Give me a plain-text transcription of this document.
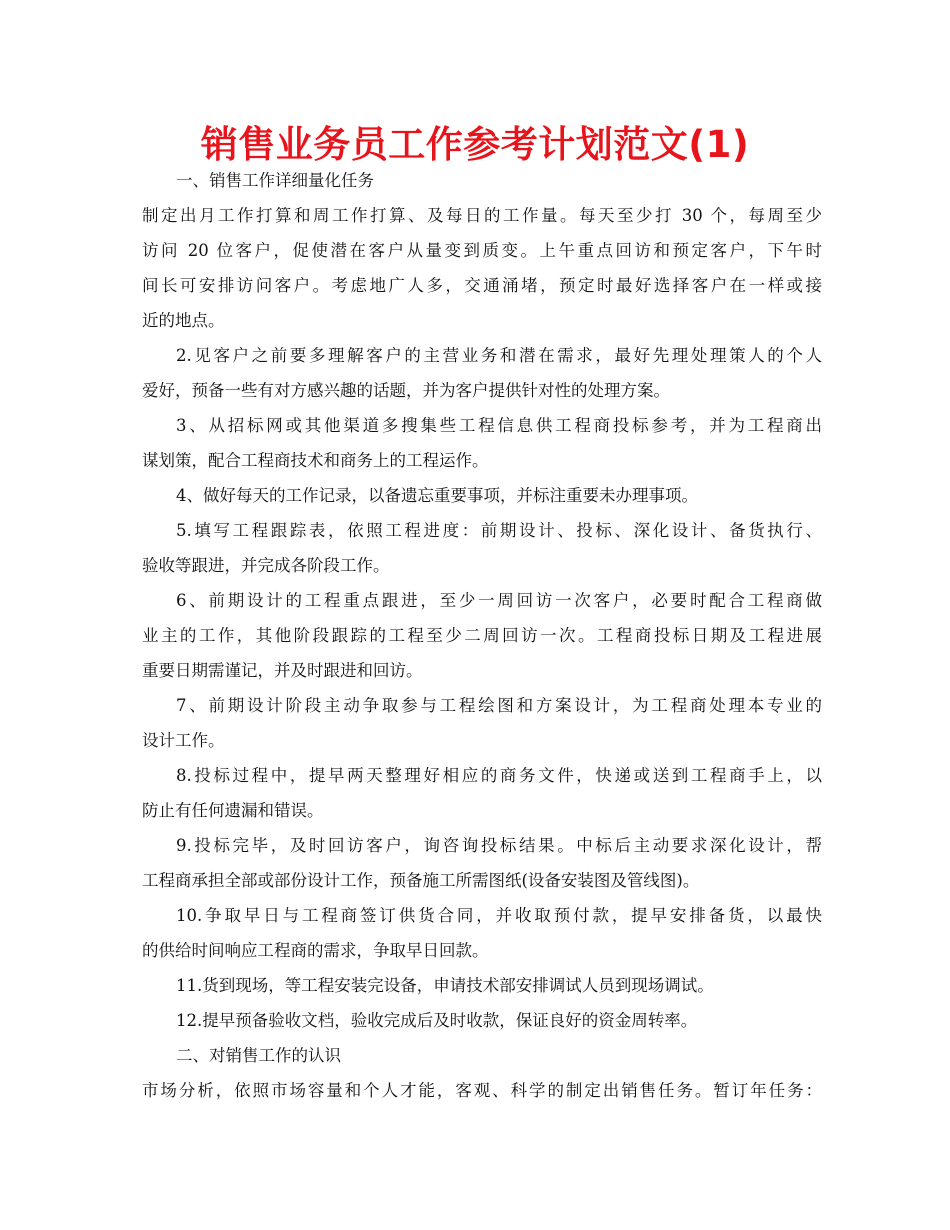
销售业务员工作参考计划范文(1)
一、销售工作详细量化任务
制定出月工作打算和周工作打算、及每日的工作量。每天至少打 30 个，每周至少
访问 20 位客户，促使潜在客户从量变到质变。上午重点回访和预定客户，下午时
间长可安排访问客户。考虑地广人多，交通涌堵，预定时最好选择客户在一样或接
近的地点。
2.见客户之前要多理解客户的主营业务和潜在需求，最好先理处理策人的个人
爱好，预备一些有对方感兴趣的话题，并为客户提供针对性的处理方案。
3、从招标网或其他渠道多搜集些工程信息供工程商投标参考，并为工程商出
谋划策，配合工程商技术和商务上的工程运作。
4、做好每天的工作记录，以备遗忘重要事项，并标注重要未办理事项。
5.填写工程跟踪表，依照工程进度：前期设计、投标、深化设计、备货执行、
验收等跟进，并完成各阶段工作。
6、前期设计的工程重点跟进，至少一周回访一次客户，必要时配合工程商做
业主的工作，其他阶段跟踪的工程至少二周回访一次。工程商投标日期及工程进展
重要日期需谨记，并及时跟进和回访。
7、前期设计阶段主动争取参与工程绘图和方案设计，为工程商处理本专业的
设计工作。
8.投标过程中，提早两天整理好相应的商务文件，快递或送到工程商手上，以
防止有任何遗漏和错误。
9.投标完毕，及时回访客户，询咨询投标结果。中标后主动要求深化设计，帮
工程商承担全部或部份设计工作，预备施工所需图纸(设备安装图及管线图)。
10.争取早日与工程商签订供货合同，并收取预付款，提早安排备货，以最快
的供给时间响应工程商的需求，争取早日回款。
11.货到现场，等工程安装完设备，申请技术部安排调试人员到现场调试。
12.提早预备验收文档，验收完成后及时收款，保证良好的资金周转率。
二、对销售工作的认识
市场分析，依照市场容量和个人才能，客观、科学的制定出销售任务。暂订年任务：
